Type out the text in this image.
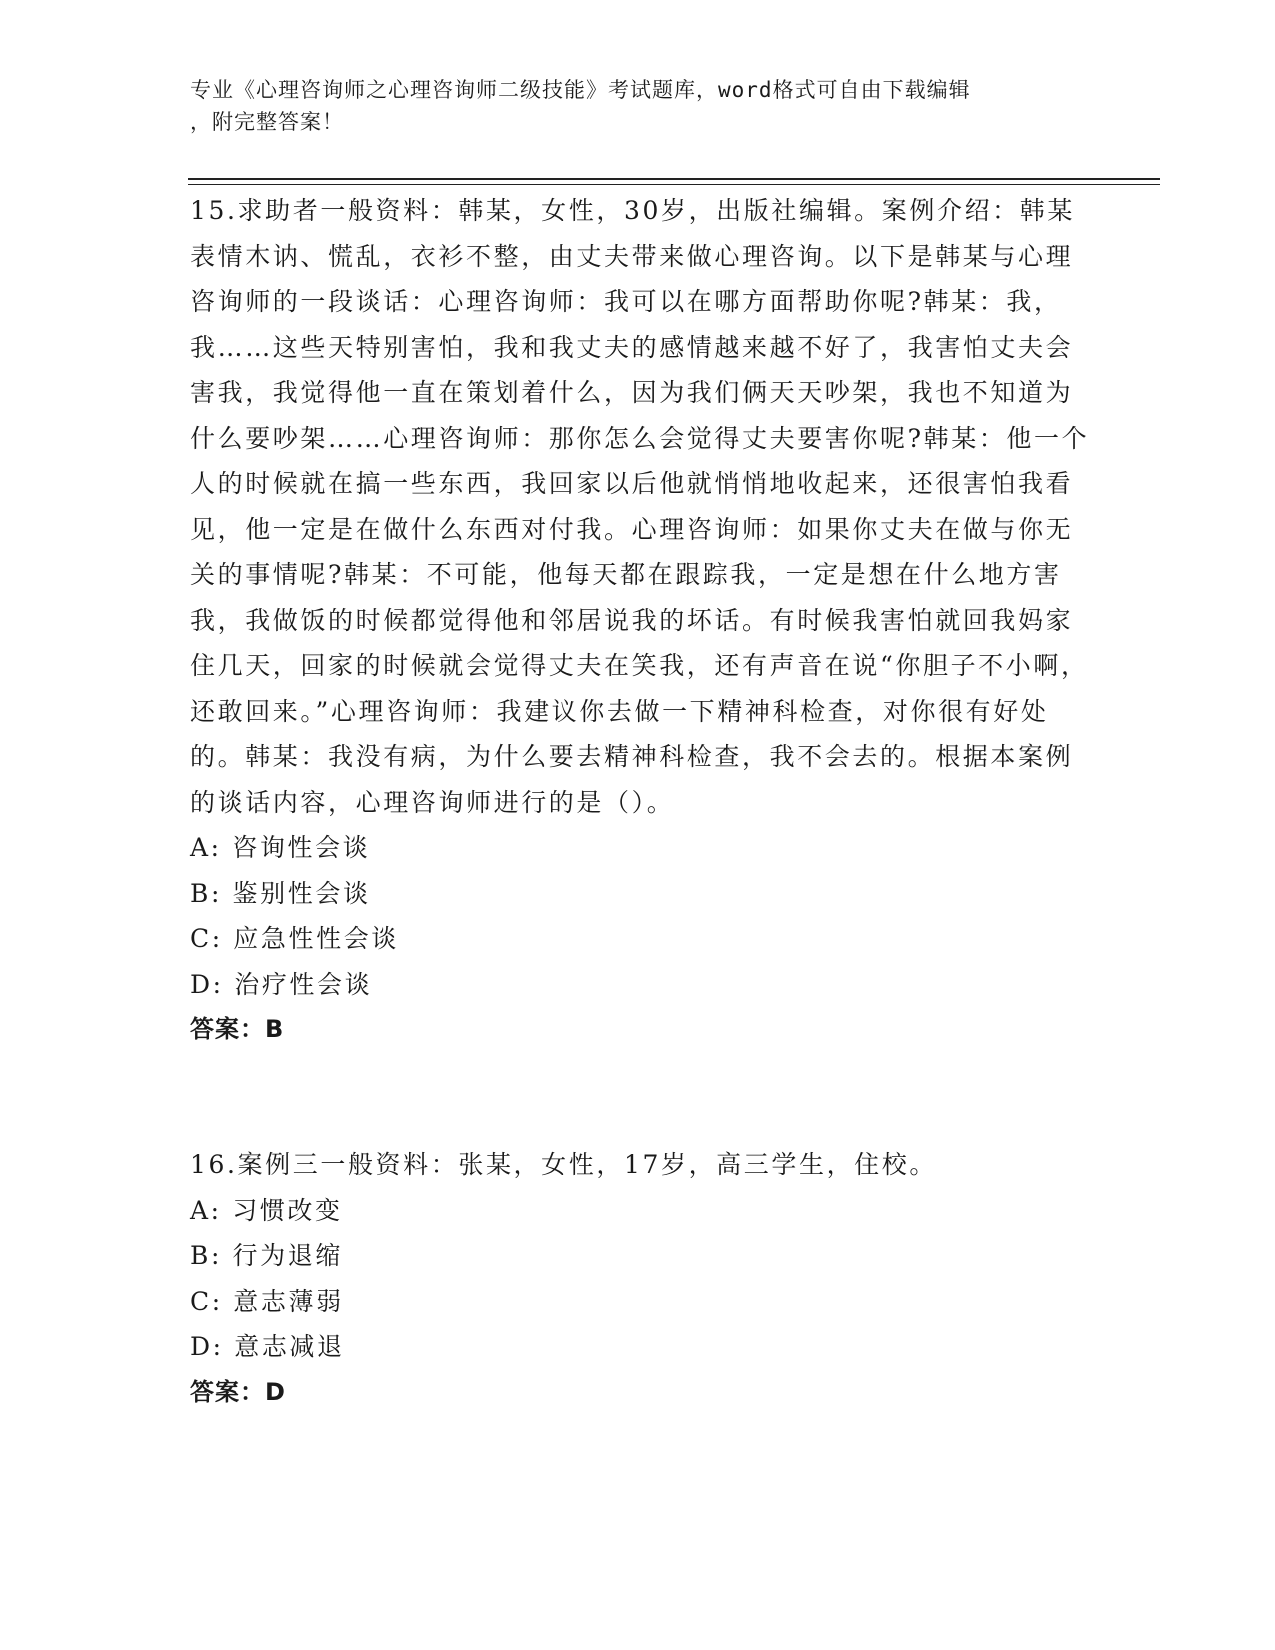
专业《心理咨询师之心理咨询师二级技能》考试题库，word格式可自由下载编辑
，附完整答案！

15.求助者一般资料：韩某，女性，30岁，出版社编辑。案例介绍：韩某表情木讷、慌乱，衣衫不整，由丈夫带来做心理咨询。以下是韩某与心理咨询师的一段谈话：心理咨询师：我可以在哪方面帮助你呢?韩某：我，我……这些天特别害怕，我和我丈夫的感情越来越不好了，我害怕丈夫会害我，我觉得他一直在策划着什么，因为我们俩天天吵架，我也不知道为什么要吵架……心理咨询师：那你怎么会觉得丈夫要害你呢?韩某：他一个人的时候就在搞一些东西，我回家以后他就悄悄地收起来，还很害怕我看见，他一定是在做什么东西对付我。心理咨询师：如果你丈夫在做与你无关的事情呢?韩某：不可能，他每天都在跟踪我，一定是想在什么地方害我，我做饭的时候都觉得他和邻居说我的坏话。有时候我害怕就回我妈家住几天，回家的时候就会觉得丈夫在笑我，还有声音在说“你胆子不小啊，还敢回来。”心理咨询师：我建议你去做一下精神科检查，对你很有好处的。韩某：我没有病，为什么要去精神科检查，我不会去的。根据本案例的谈话内容，心理咨询师进行的是（）。

A: 咨询性会谈

B: 鉴别性会谈

C: 应急性性会谈

D: 治疗性会谈

答案：B

16.案例三一般资料：张某，女性，17岁，高三学生，住校。

A: 习惯改变

B: 行为退缩

C: 意志薄弱

D: 意志减退

答案：D
